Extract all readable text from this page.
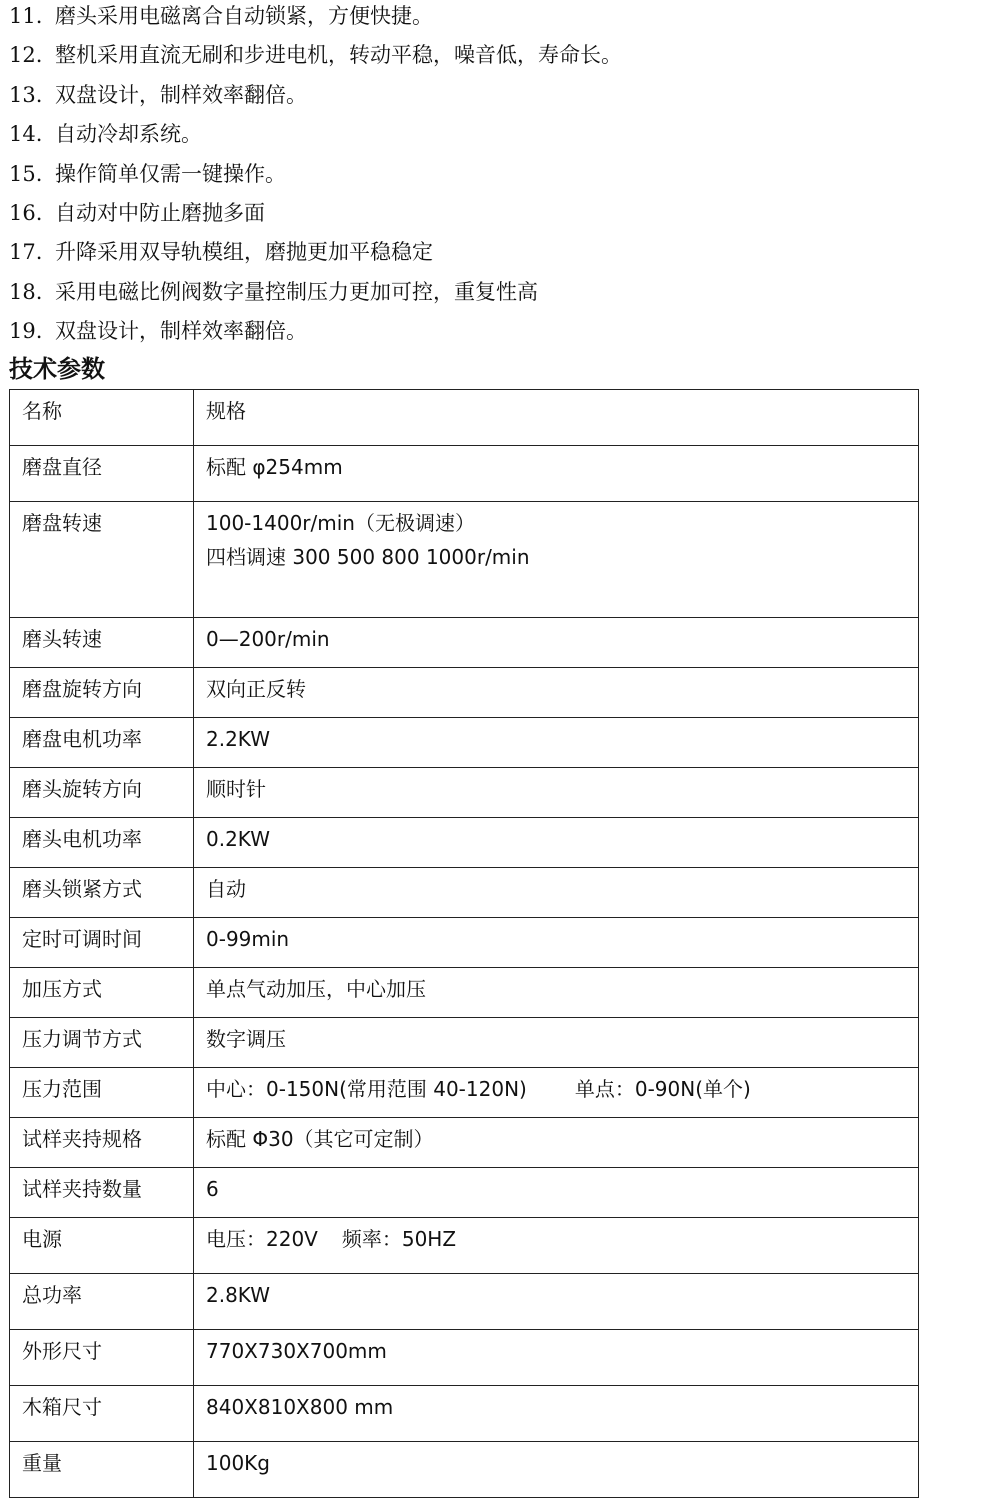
11. 磨头采用电磁离合自动锁紧，方便快捷。
12. 整机采用直流无刷和步进电机，转动平稳，噪音低，寿命长。
13. 双盘设计，制样效率翻倍。
14. 自动冷却系统。
15. 操作简单仅需一键操作。
16. 自动对中防止磨抛多面
17. 升降采用双导轨模组，磨抛更加平稳稳定
18. 采用电磁比例阀数字量控制压力更加可控，重复性高
19. 双盘设计，制样效率翻倍。
技术参数
名称	规格
磨盘直径	标配 φ254mm
磨盘转速	100-1400r/min（无极调速）
四档调速 300 500 800 1000r/min

磨头转速	0—200r/min
磨盘旋转方向	双向正反转
磨盘电机功率	2.2KW
磨头旋转方向	顺时针
磨头电机功率	0.2KW
磨头锁紧方式	自动
定时可调时间	0-99min
加压方式	单点气动加压，中心加压
压力调节方式	数字调压
压力范围	中心：0-150N(常用范围 40-120N) 单点：0-90N(单个)
试样夹持规格	标配 Φ30（其它可定制）
试样夹持数量	6
电源	电压：220V 频率：50HZ
总功率	2.8KW
外形尺寸	770X730X700mm
木箱尺寸	840X810X800 mm
重量	100Kg
